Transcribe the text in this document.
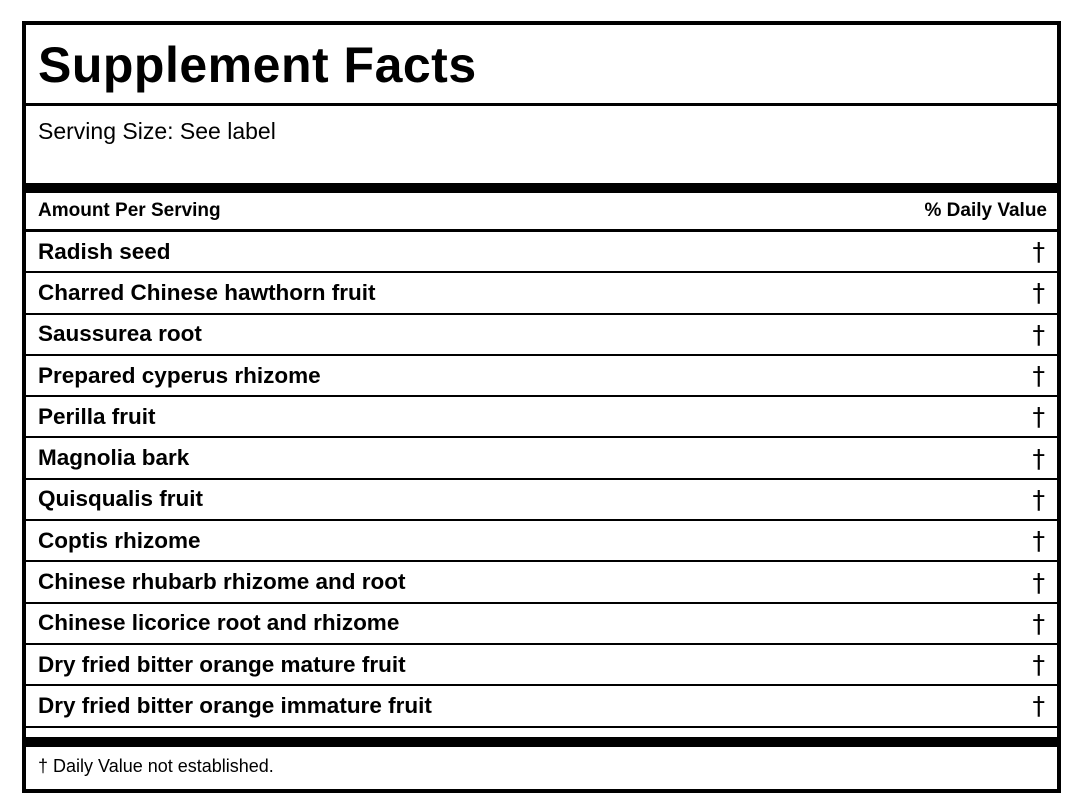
Supplement Facts
Serving Size: See label
Amount Per Serving	% Daily Value
Radish seed	†
Charred Chinese hawthorn fruit	†
Saussurea root	†
Prepared cyperus rhizome	†
Perilla fruit	†
Magnolia bark	†
Quisqualis fruit	†
Coptis rhizome	†
Chinese rhubarb rhizome and root	†
Chinese licorice root and rhizome	†
Dry fried bitter orange mature fruit	†
Dry fried bitter orange immature fruit	†
† Daily Value not established.
